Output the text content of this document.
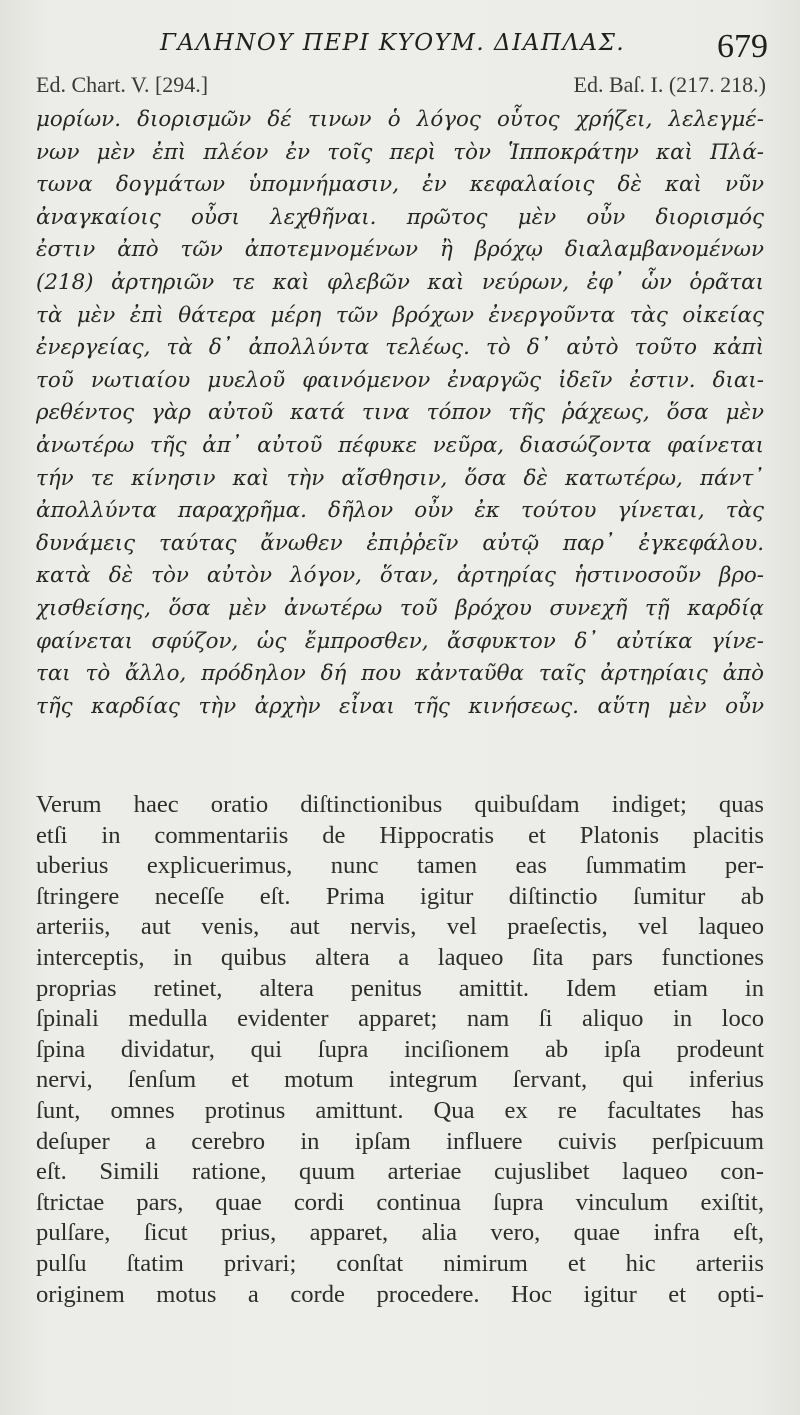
ΓΑΛΗΝΟΥ ΠΕΡΙ ΚΥΟΥΜ. ΔΙΑΠΛΑΣ.	679
Ed. Chart. V. [294.]	Ed. Baſ. I. (217. 218.)
μορίων. διορισμῶν δέ τινων ὁ λόγος οὗτος χρήζει, λελεγμέ-
νων μὲν ἐπὶ πλέον ἐν τοῖς περὶ τὸν Ἱπποκράτην καὶ Πλά-
τωνα δογμάτων ὑπομνήμασιν, ἐν κεφαλαίοις δὲ καὶ νῦν
ἀναγκαίοις οὖσι λεχθῆναι. πρῶτος μὲν οὖν διορισμός
ἐστιν ἀπὸ τῶν ἀποτεμνομένων ἢ βρόχῳ διαλαμβανομένων
(218) ἀρτηριῶν τε καὶ φλεβῶν καὶ νεύρων, ἐφ᾽ ὧν ὁρᾶται
τὰ μὲν ἐπὶ θάτερα μέρη τῶν βρόχων ἐνεργοῦντα τὰς οἰκείας
ἐνεργείας, τὰ δ᾽ ἀπολλύντα τελέως. τὸ δ᾽ αὐτὸ τοῦτο κἀπὶ
τοῦ νωτιαίου μυελοῦ φαινόμενον ἐναργῶς ἰδεῖν ἐστιν. διαι-
ρεθέντος γὰρ αὐτοῦ κατά τινα τόπον τῆς ῥάχεως, ὅσα μὲν
ἀνωτέρω τῆς ἀπ᾽ αὐτοῦ πέφυκε νεῦρα, διασώζοντα φαίνεται
τήν τε κίνησιν καὶ τὴν αἴσθησιν, ὅσα δὲ κατωτέρω, πάντ᾽
ἀπολλύντα παραχρῆμα. δῆλον οὖν ἐκ τούτου γίνεται, τὰς
δυνάμεις ταύτας ἄνωθεν ἐπιῤῥεῖν αὐτῷ παρ᾽ ἐγκεφάλου.
κατὰ δὲ τὸν αὐτὸν λόγον, ὅταν, ἀρτηρίας ἡστινοσοῦν βρο-
χισθείσης, ὅσα μὲν ἀνωτέρω τοῦ βρόχου συνεχῆ τῇ καρδίᾳ
φαίνεται σφύζον, ὡς ἔμπροσθεν, ἄσφυκτον δ᾽ αὐτίκα γίνε-
ται τὸ ἄλλο, πρόδηλον δή που κἀνταῦθα ταῖς ἀρτηρίαις ἀπὸ
τῆς καρδίας τὴν ἀρχὴν εἶναι τῆς κινήσεως. αὕτη μὲν οὖν
Verum haec oratio diſtinctionibus quibuſdam indiget; quas
etſi in commentariis de Hippocratis et Platonis placitis
uberius explicuerimus, nunc tamen eas ſummatim per-
ſtringere neceſſe eſt. Prima igitur diſtinctio ſumitur ab
arteriis, aut venis, aut nervis, vel praeſectis, vel laqueo
interceptis, in quibus altera a laqueo ſita pars functiones
proprias retinet, altera penitus amittit. Idem etiam in
ſpinali medulla evidenter apparet; nam ſi aliquo in loco
ſpina dividatur, qui ſupra inciſionem ab ipſa prodeunt
nervi, ſenſum et motum integrum ſervant, qui inferius
ſunt, omnes protinus amittunt. Qua ex re facultates has
deſuper a cerebro in ipſam influere cuivis perſpicuum
eſt. Simili ratione, quum arteriae cujuslibet laqueo con-
ſtrictae pars, quae cordi continua ſupra vinculum exiſtit,
pulſare, ſicut prius, apparet, alia vero, quae infra eſt,
pulſu ſtatim privari; conſtat nimirum et hic arteriis
originem motus a corde procedere. Hoc igitur et opti-
